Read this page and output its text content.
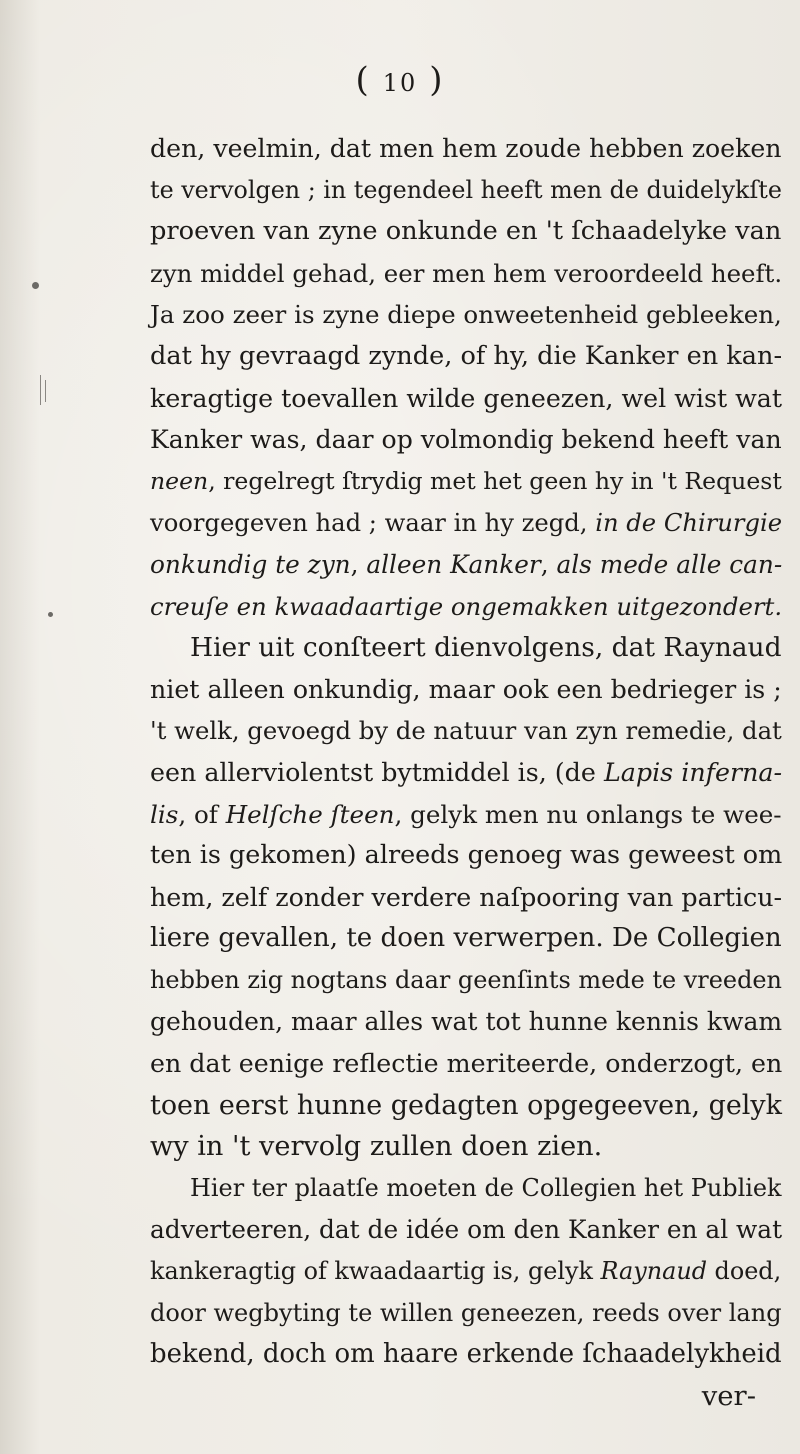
( 10 )
den, veelmin, dat men hem zoude hebben zoeken
te vervolgen ; in tegendeel heeft men de duidelykſte
proeven van zyne onkunde en 't ſchaadelyke van
zyn middel gehad, eer men hem veroordeeld heeft.
Ja zoo zeer is zyne diepe onweetenheid gebleeken,
dat hy gevraagd zynde, of hy, die Kanker en kan-
keragtige toevallen wilde geneezen, wel wist wat
Kanker was, daar op volmondig bekend heeft van
neen, regelregt ſtrydig met het geen hy in 't Request
voorgegeven had ; waar in hy zegd, in de Chirurgie
onkundig te zyn, alleen Kanker, als mede alle can-
creuſe en kwaadaartige ongemakken uitgezondert.
Hier uit conſteert dienvolgens, dat Raynaud
niet alleen onkundig, maar ook een bedrieger is ;
't welk, gevoegd by de natuur van zyn remedie, dat
een allerviolentst bytmiddel is, (de Lapis inferna-
lis, of Helſche ſteen, gelyk men nu onlangs te wee-
ten is gekomen) alreeds genoeg was geweest om
hem, zelf zonder verdere naſpooring van particu-
liere gevallen, te doen verwerpen. De Collegien
hebben zig nogtans daar geenſints mede te vreeden
gehouden, maar alles wat tot hunne kennis kwam
en dat eenige reflectie meriteerde, onderzogt, en
toen eerst hunne gedagten opgegeeven, gelyk
wy in 't vervolg zullen doen zien.
Hier ter plaatſe moeten de Collegien het Publiek
adverteeren, dat de idée om den Kanker en al wat
kankeragtig of kwaadaartig is, gelyk Raynaud doed,
door wegbyting te willen geneezen, reeds over lang
bekend, doch om haare erkende ſchaadelykheid
ver-
